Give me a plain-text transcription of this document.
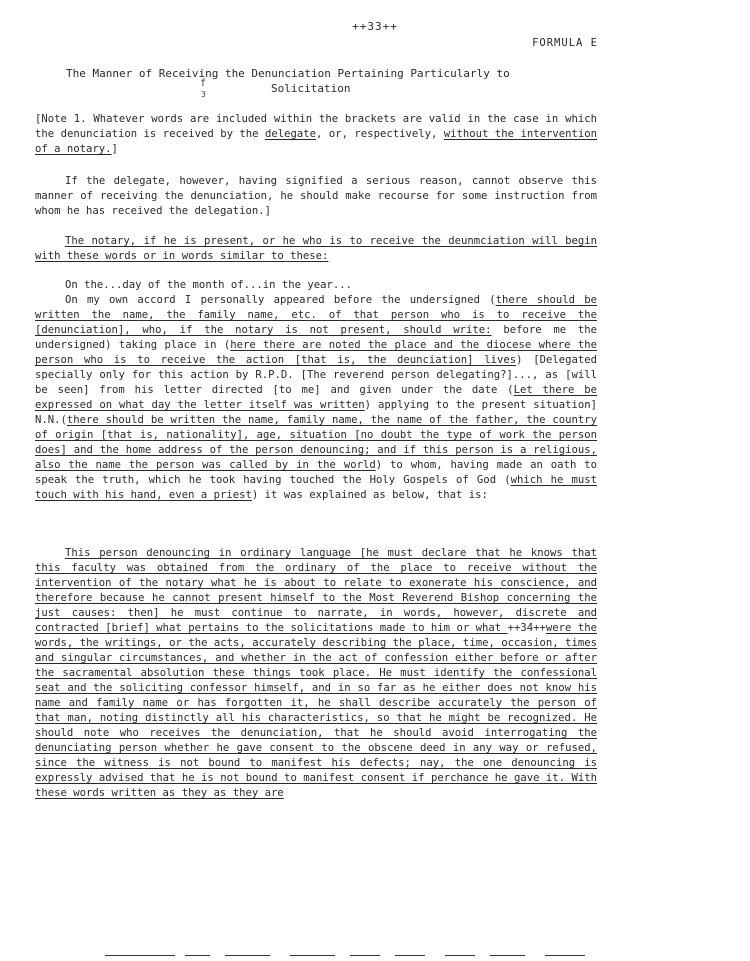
++33++
FORMULA E
The Manner of Receiving the Denunciation Pertaining Particularly to
Solicitation
f
3
[Note 1. Whatever words are included within the brackets are valid in the case in which the denunciation is received by the delegate, or, respectively, without the intervention of a notary.]
If the delegate, however, having signified a serious reason, cannot observe this manner of receiving the denunciation, he should make recourse for some instruction from whom he has received the delegation.]
The notary, if he is present, or he who is to receive the deunmciation will begin with these words or in words similar to these:
On the...day of the month of...in the year...
On my own accord I personally appeared before the undersigned (there should be written the name, the family name, etc. of that person who is to receive the [denunciation], who, if the notary is not present, should write: before me the undersigned) taking place in (here there are noted the place and the diocese where the person who is to receive the action [that is, the deunciation] lives) [Delegated specially only for this action by R.P.D. [The reverend person delegating?]..., as [will be seen] from his letter directed [to me] and given under the date (Let there be expressed on what day the letter itself was written) applying to the present situation] N.N.(there should be written the name, family name, the name of the father, the country of origin [that is, nationality], age, situation [no doubt the type of work the person does] and the home address of the person denouncing; and if this person is a religious, also the name the person was called by in the world) to whom, having made an oath to speak the truth, which he took having touched the Holy Gospels of God (which he must touch with his hand, even a priest) it was explained as below, that is:
This person denouncing in ordinary language [he must declare that he knows that this faculty was obtained from the ordinary of the place to receive without the intervention of the notary what he is about to relate to exonerate his conscience, and therefore because he cannot present himself to the Most Reverend Bishop concerning the just causes: then] he must continue to narrate, in words, however, discrete and contracted [brief] what pertains to the solicitations made to him or what ++34++were the words, the writings, or the acts, accurately describing the place, time, occasion, times and singular circumstances, and whether in the act of confession either before or after the sacramental absolution these things took place. He must identify the confessional seat and the soliciting confessor himself, and in so far as he either does not know his name and family name or has forgotten it, he shall describe accurately the person of that man, noting distinctly all his characteristics, so that he might be recognized. He should note who receives the denunciation, that he should avoid interrogating the denunciating person whether he gave consent to the obscene deed in any way or refused, since the witness is not bound to manifest his defects; nay, the one denouncing is expressly advised that he is not bound to manifest consent if perchance he gave it. With these words written as they as they are
